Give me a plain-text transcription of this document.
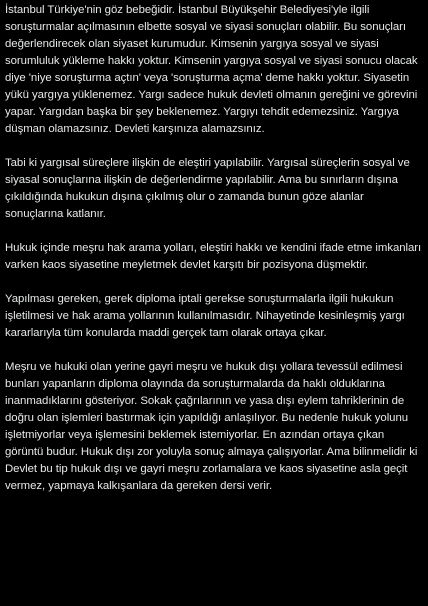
İstanbul Türkiye'nin göz bebeğidir. İstanbul Büyükşehir Belediyesi'yle ilgili soruşturmalar açılmasının elbette sosyal ve siyasi sonuçları olabilir. Bu sonuçları değerlendirecek olan siyaset kurumudur. Kimsenin yargıya sosyal ve siyasi sorumluluk yükleme hakkı yoktur. Kimsenin yargıya sosyal ve siyasi sonucu olacak diye 'niye soruşturma açtın' veya 'soruşturma açma' deme hakkı yoktur. Siyasetin yükü yargıya yüklenemez. Yargı sadece hukuk devleti olmanın gereğini ve görevini yapar. Yargıdan başka bir şey beklenemez. Yargıyı tehdit edemezsiniz. Yargıya düşman olamazsınız. Devleti karşınıza alamazsınız.

Tabi ki yargısal süreçlere ilişkin de eleştiri yapılabilir. Yargısal süreçlerin sosyal ve siyasal sonuçlarına ilişkin de değerlendirme yapılabilir. Ama bu sınırların dışına çıkıldığında hukukun dışına çıkılmış olur o zamanda bunun göze alanlar sonuçlarına katlanır.

Hukuk içinde meşru hak arama yolları, eleştiri hakkı ve kendini ifade etme imkanları varken kaos siyasetine meyletmek devlet karşıtı bir pozisyona düşmektir.

Yapılması gereken, gerek diploma iptali gerekse soruşturmalarla ilgili hukukun işletilmesi ve hak arama yollarının kullanılmasıdır. Nihayetinde kesinleşmiş yargı kararlarıyla tüm konularda maddi gerçek tam olarak ortaya çıkar.

Meşru ve hukuki olan yerine gayri meşru ve hukuk dışı yollara tevessül edilmesi bunları yapanların diploma olayında da soruşturmalarda da haklı olduklarına inanmadıklarını gösteriyor. Sokak çağrılarının ve yasa dışı eylem tahriklerinin de doğru olan işlemleri bastırmak için yapıldığı anlaşılıyor. Bu nedenle hukuk yolunu işletmiyorlar veya işlemesini beklemek istemiyorlar. En azından ortaya çıkan görüntü budur. Hukuk dışı zor yoluyla sonuç almaya çalışıyorlar. Ama bilinmelidir ki Devlet bu tip hukuk dışı ve gayri meşru zorlamalara ve kaos siyasetine asla geçit vermez, yapmaya kalkışanlara da gereken dersi verir.
